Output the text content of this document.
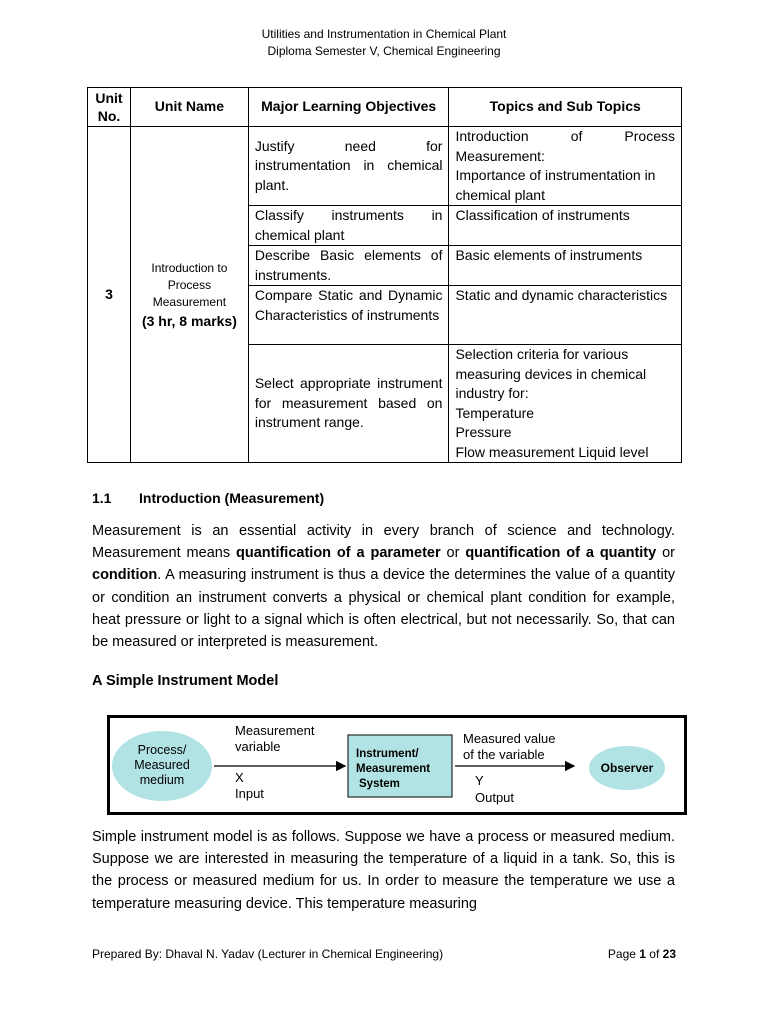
Utilities and Instrumentation in Chemical Plant
Diploma Semester V, Chemical Engineering
Unit
No.	Unit Name	Major Learning Objectives	Topics and Sub Topics
3	Introduction to
Process
Measurement
(3 hr, 8 marks)	Justify need for instrumentation in chemical plant.	Introduction of Process
Measurement:
Importance of instrumentation in chemical plant
		Classify instruments in chemical plant	Classification of instruments
		Describe Basic elements of instruments.	Basic elements of instruments
		Compare Static and Dynamic Characteristics of instruments	Static and dynamic characteristics
		Select appropriate instrument for measurement based on instrument range.	Selection criteria for various measuring devices in chemical industry for:
Temperature
Pressure
Flow measurement Liquid level
1.1 Introduction (Measurement)

Measurement is an essential activity in every branch of science and technology. Measurement means quantification of a parameter or quantification of a quantity or condition. A measuring instrument is thus a device the determines the value of a quantity or condition an instrument converts a physical or chemical plant condition for example, heat pressure or light to a signal which is often electrical, but not necessarily. So, that can be measured or interpreted is measurement.

A Simple Instrument Model
Process/
Measured
medium
Measurement
variable
X
Input
Instrument/
Measurement
System
Measured value
of the variable
Y
Output
Observer

Simple instrument model is as follows. Suppose we have a process or measured medium. Suppose we are interested in measuring the temperature of a liquid in a tank. So, this is the process or measured medium for us. In order to measure the temperature we use a temperature measuring device. This temperature measuring

Prepared By: Dhaval N. Yadav (Lecturer in Chemical Engineering)	Page 1 of 23
